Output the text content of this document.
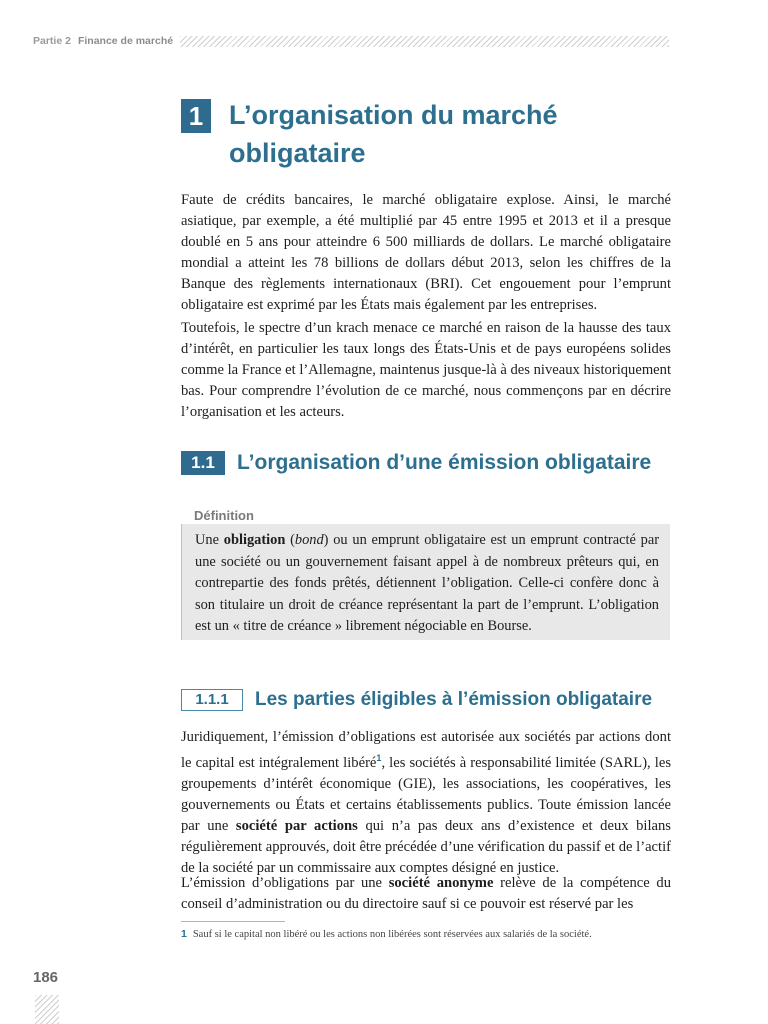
Partie 2 Finance de marché
1 L’organisation du marché obligataire

Faute de crédits bancaires, le marché obligataire explose. Ainsi, le marché asiatique, par exemple, a été multiplié par 45 entre 1995 et 2013 et il a presque doublé en 5 ans pour atteindre 6 500 milliards de dollars. Le marché obligataire mondial a atteint les 78 billions de dollars début 2013, selon les chiffres de la Banque des règlements internationaux (BRI). Cet engouement pour l’emprunt obligataire est exprimé par les États mais également par les entreprises.

Toutefois, le spectre d’un krach menace ce marché en raison de la hausse des taux d’intérêt, en particulier les taux longs des États-Unis et de pays européens solides comme la France et l’Allemagne, maintenus jusque-là à des niveaux historiquement bas. Pour comprendre l’évolution de ce marché, nous commençons par en décrire l’organisation et les acteurs.

1.1	L’organisation d’une émission obligataire
Définition

Une obligation (bond) ou un emprunt obligataire est un emprunt contracté par une société ou un gouvernement faisant appel à de nombreux prêteurs qui, en contrepartie des fonds prêtés, détiennent l’obligation. Celle-ci confère donc à son titulaire un droit de créance représentant la part de l’emprunt. L’obligation est un « titre de créance » librement négociable en Bourse.

1.1.1	Les parties éligibles à l’émission obligataire

Juridiquement, l’émission d’obligations est autorisée aux sociétés par actions dont le capital est intégralement libéré$^1$, les sociétés à responsabilité limitée (SARL), les groupements d’intérêt économique (GIE), les associations, les coopératives, les gouvernements ou États et certains établissements publics. Toute émission lancée par une société par actions qui n’a pas deux ans d’existence et deux bilans régulièrement approuvés, doit être précédée d’une vérification du passif et de l’actif de la société par un commissaire aux comptes désigné en justice.

L’émission d’obligations par une société anonyme relève de la compétence du conseil d’administration ou du directoire sauf si ce pouvoir est réservé par les

1 Sauf si le capital non libéré ou les actions non libérées sont réservées aux salariés de la société.
186
